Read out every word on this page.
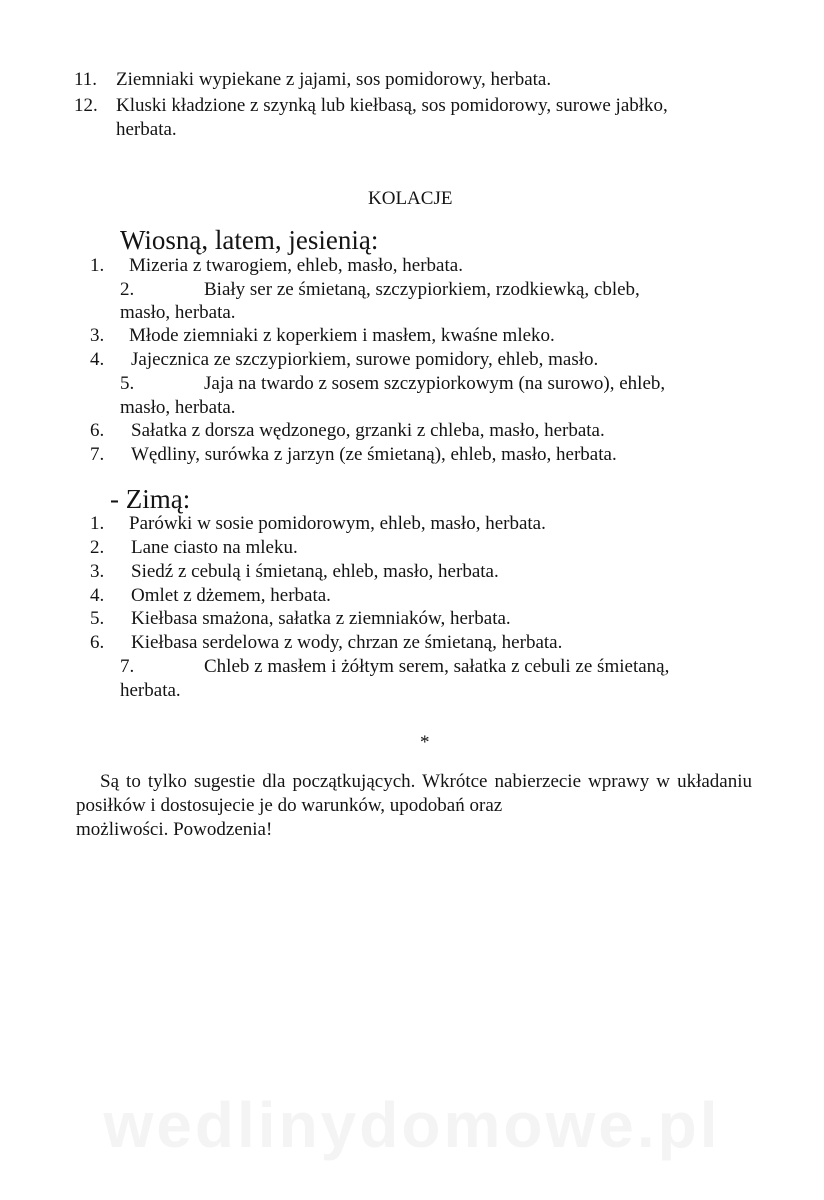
11. Ziemniaki wypiekane z jajami, sos pomidorowy, herbata.
12. Kluski kładzione z szynką lub kiełbasą, sos pomidorowy, surowe jabłko,
herbata.
KOLACJE
Wiosną, latem, jesienią:
1. Mizeria z twarogiem, ehleb, masło, herbata.
2.	Biały ser ze śmietaną, szczypiorkiem, rzodkiewką, cbleb,
masło, herbata.
3. Młode ziemniaki z koperkiem i masłem, kwaśne mleko.
4. Jajecznica ze szczypiorkiem, surowe pomidory, ehleb, masło.
5.	Jaja na twardo z sosem szczypiorkowym (na surowo), ehleb,
masło, herbata.
6. Sałatka z dorsza wędzonego, grzanki z chleba, masło, herbata.
7. Wędliny, surówka z jarzyn (ze śmietaną), ehleb, masło, herbata.
- Zimą:
1. Parówki w sosie pomidorowym, ehleb, masło, herbata.
2. Lane ciasto na mleku.
3. Siedź z cebulą i śmietaną, ehleb, masło, herbata.
4. Omlet z dżemem, herbata.
5. Kiełbasa smażona, sałatka z ziemniaków, herbata.
6. Kiełbasa serdelowa z wody, chrzan ze śmietaną, herbata.
7.	Chleb z masłem i żółtym serem, sałatka z cebuli ze śmietaną,
herbata.
*
Są to tylko sugestie dla początkujących. Wkrótce nabierzecie wprawy w układaniu posiłków i dostosujecie je do warunków, upodobań oraz
możliwości. Powodzenia!
wedlinydomowe.pl
